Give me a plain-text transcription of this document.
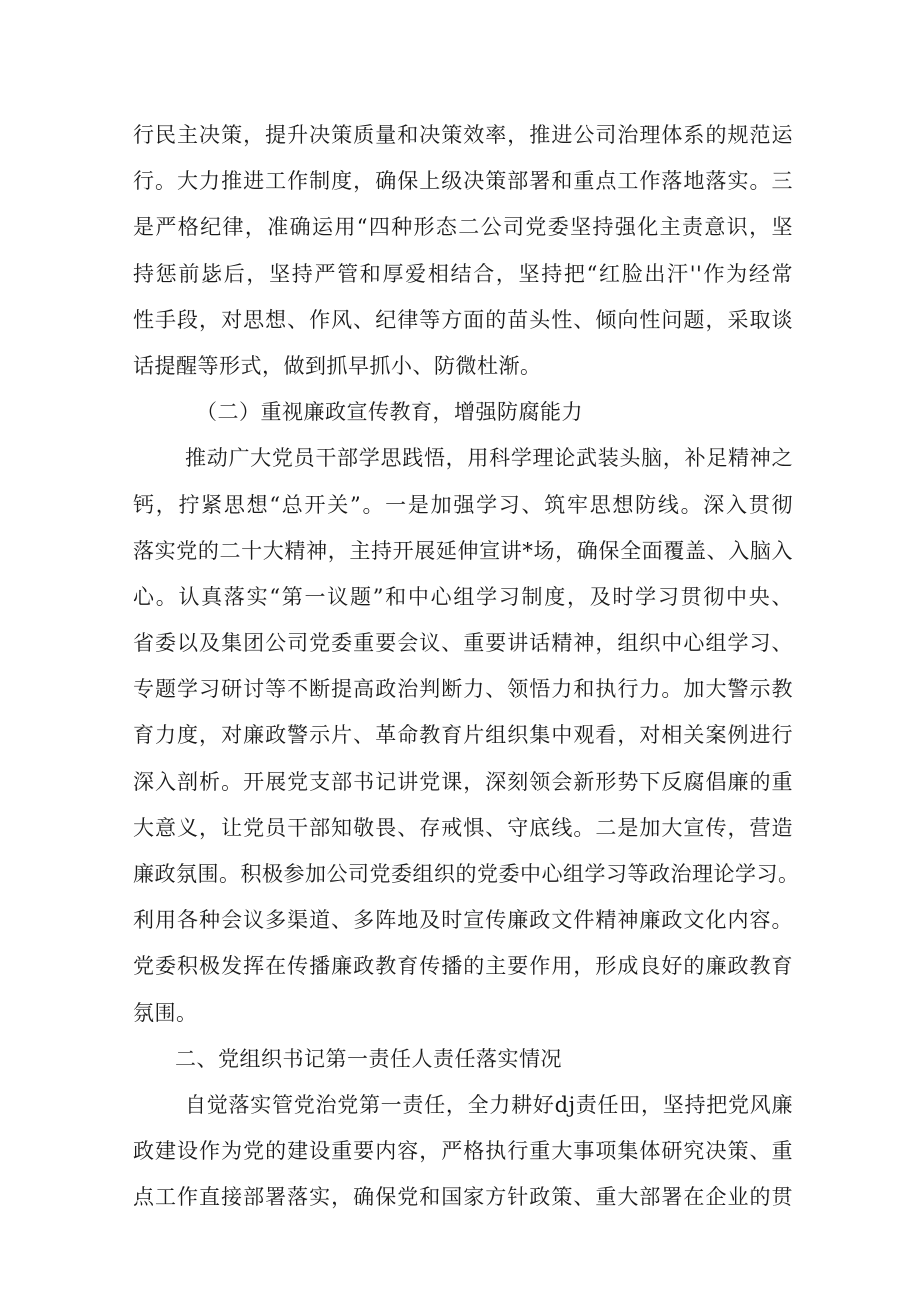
行民主决策，提升决策质量和决策效率，推进公司治理体系的规范运
行。大力推进工作制度，确保上级决策部署和重点工作落地落实。三
是严格纪律，准确运用“四种形态二公司党委坚持强化主责意识，坚
持惩前毖后，坚持严管和厚爱相结合，坚持把“红脸出汗''作为经常
性手段，对思想、作风、纪律等方面的苗头性、倾向性问题，采取谈
话提醒等形式，做到抓早抓小、防微杜渐。
（二）重视廉政宣传教育，增强防腐能力
推动广大党员干部学思践悟，用科学理论武装头脑，补足精神之
钙，拧紧思想“总开关”。一是加强学习、筑牢思想防线。深入贯彻
落实党的二十大精神，主持开展延伸宣讲*场，确保全面覆盖、入脑入
心。认真落实“第一议题”和中心组学习制度，及时学习贯彻中央、
省委以及集团公司党委重要会议、重要讲话精神，组织中心组学习、
专题学习研讨等不断提高政治判断力、领悟力和执行力。加大警示教
育力度，对廉政警示片、革命教育片组织集中观看，对相关案例进行
深入剖析。开展党支部书记讲党课，深刻领会新形势下反腐倡廉的重
大意义，让党员干部知敬畏、存戒惧、守底线。二是加大宣传，营造
廉政氛围。积极参加公司党委组织的党委中心组学习等政治理论学习。
利用各种会议多渠道、多阵地及时宣传廉政文件精神廉政文化内容。
党委积极发挥在传播廉政教育传播的主要作用，形成良好的廉政教育
氛围。
二、党组织书记第一责任人责任落实情况
自觉落实管党治党第一责任，全力耕好dj责任田，坚持把党风廉
政建设作为党的建设重要内容，严格执行重大事项集体研究决策、重
点工作直接部署落实，确保党和国家方针政策、重大部署在企业的贯
